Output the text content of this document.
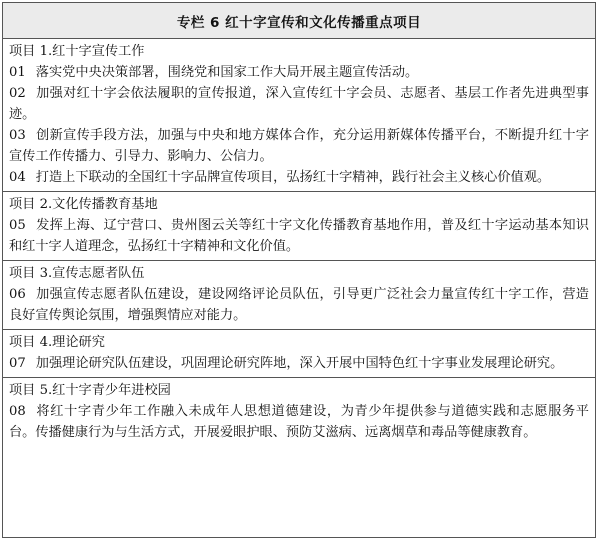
专栏 6 红十字宣传和文化传播重点项目

项目 1.红十字宣传工作

01 落实党中央决策部署，围绕党和国家工作大局开展主题宣传活动。

02 加强对红十字会依法履职的宣传报道，深入宣传红十字会员、志愿者、基层工作者先进典型事迹。

03 创新宣传手段方法，加强与中央和地方媒体合作，充分运用新媒体传播平台，不断提升红十字宣传工作传播力、引导力、影响力、公信力。

04 打造上下联动的全国红十字品牌宣传项目，弘扬红十字精神，践行社会主义核心价值观。

项目 2.文化传播教育基地

05 发挥上海、辽宁营口、贵州图云关等红十字文化传播教育基地作用，普及红十字运动基本知识和红十字人道理念，弘扬红十字精神和文化价值。

项目 3.宣传志愿者队伍

06 加强宣传志愿者队伍建设，建设网络评论员队伍，引导更广泛社会力量宣传红十字工作，营造良好宣传舆论氛围，增强舆情应对能力。

项目 4.理论研究

07 加强理论研究队伍建设，巩固理论研究阵地，深入开展中国特色红十字事业发展理论研究。

项目 5.红十字青少年进校园

08 将红十字青少年工作融入未成年人思想道德建设，为青少年提供参与道德实践和志愿服务平台。传播健康行为与生活方式，开展爱眼护眼、预防艾滋病、远离烟草和毒品等健康教育。
